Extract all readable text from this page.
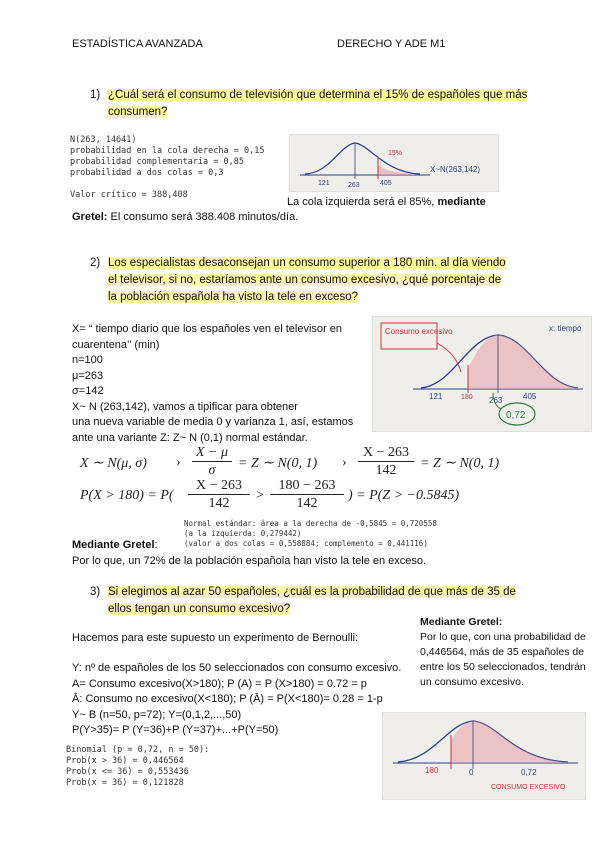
ESTADÍSTICA AVANZADA	DERECHO Y ADE M1
1) ¿Cuál será el consumo de televisión que determina el 15% de españoles que más
consumen?
N(263, 14641)
probabilidad en la cola derecha = 0,15
probabilidad complementaria = 0,85
probabilidad a dos colas = 0,3
Valor crítico = 388,408
15%
X~N(263,142)
121	263	405
La cola izquierda será el 85%, mediante
Gretel: El consumo será 388.408 minutos/día.
2) Los especialistas desaconsejan un consumo superior a 180 min. al día viendo
el televisor, si no, estaríamos ante un consumo excesivo, ¿qué porcentaje de
la población española ha visto la tele en exceso?
X= “ tiempo diario que los españoles ven el televisor en
cuarentena’’ (min)
n=100
μ=263
σ=142
X~ N (263,142), vamos a tipificar para obtener
una nueva variable de media 0 y varianza 1, así, estamos
ante una variante Z: Z~ N (0,1) normal estándar.
Consumo excesivo	x: tiempo
121	180 263	405
0,72
X ∼ N(μ, σ) ›
X − μ
σ	= Z ∼ N(0, 1) ›
X − 263
142	= Z ∼ N(0, 1)
P(X > 180) = P(
X − 263
142
>
180 − 263
142
) = P(Z > −0.5845)
Normal estándar: área a la derecha de -0,5845 = 0,720558
(a la izquierda: 0,279442)
(valor a dos colas = 0,558884; complemento = 0,441116)
Mediante Gretel:
Por lo que, un 72% de la población española han visto la tele en exceso.
3) Si elegimos al azar 50 españoles, ¿cuál es la probabilidad de que más de 35 de
ellos tengan un consumo excesivo?
Hacemos para este supuesto un experimento de Bernoulli:
Y: nº de españoles de los 50 seleccionados con consumo excesivo.
A= Consumo excesivo(X>180); P (A) = P (X>180) = 0.72 = p
Ā: Consumo no excesivo(X<180); P (Ā) = P(X<180)= 0.28 = 1-p
Y~ B (n=50, p=72); Y=(0,1,2,...,50)
P(Y>35)= P (Y=36)+P (Y=37)+...+P(Y=50)
Mediante Gretel:
Por lo que, con una probabilidad de
0,446564, más de 35 españoles de
entre los 50 seleccionados, tendrán
un consumo excesivo.
Binomial (p = 0,72, n = 50):
Prob(x > 36) = 0,446564
Prob(x <= 36) = 0,553436
Prob(x = 36) = 0,121828
180	0	0,72
CONSUMO EXCESIVO
